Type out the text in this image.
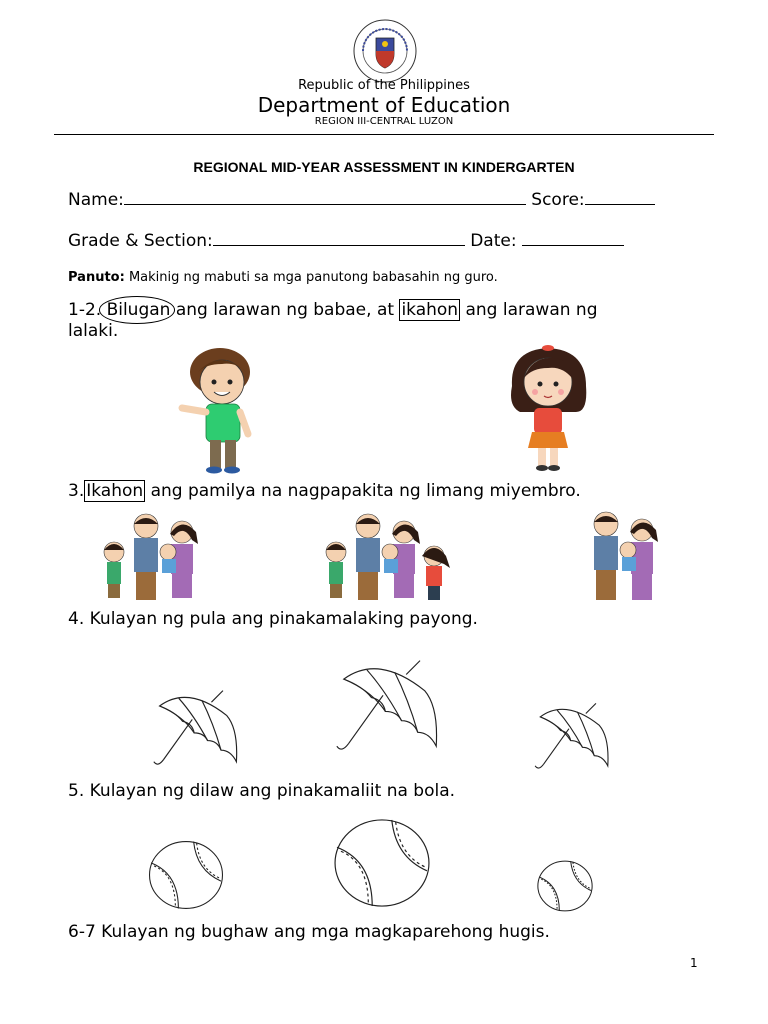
Republic of the Philippines
Department of Education
REGION III-CENTRAL LUZON
REGIONAL MID-YEAR ASSESSMENT IN KINDERGARTEN
Name:	Score:
Grade & Section:	Date:
Panuto: Makinig ng mabuti sa mga panutong babasahin ng guro.
1-2. Bilugan ang larawan ng babae, at ikahon ang larawan ng
lalaki.
3. Ikahon ang pamilya na nagpapakita ng limang miyembro.
4. Kulayan ng pula ang pinakamalaking payong.
5. Kulayan ng dilaw ang pinakamaliit na bola.
6-7 Kulayan ng bughaw ang mga magkaparehong hugis.
1
